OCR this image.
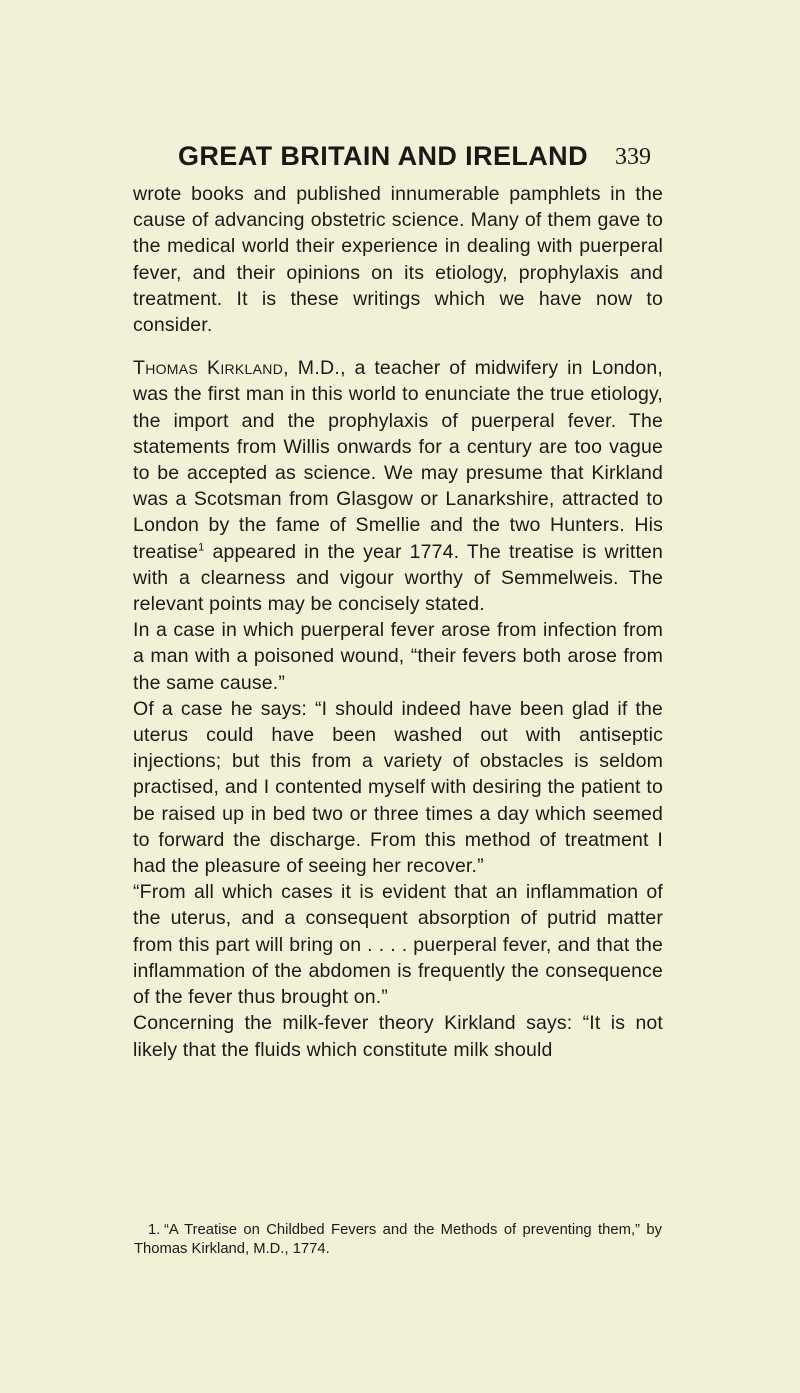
GREAT BRITAIN AND IRELAND 339

wrote books and published innumerable pamphlets in the cause of advancing obstetric science. Many of them gave to the medical world their experience in dealing with puerperal fever, and their opinions on its etiology, prophylaxis and treatment. It is these writings which we have now to consider.

Thomas Kirkland, M.D., a teacher of midwifery in London, was the first man in this world to enunciate the true etiology, the import and the prophylaxis of puerperal fever. The statements from Willis onwards for a century are too vague to be accepted as science. We may presume that Kirkland was a Scotsman from Glasgow or Lanarkshire, attracted to London by the fame of Smellie and the two Hunters. His treatise$^1$ appeared in the year 1774. The treatise is written with a clearness and vigour worthy of Semmelweis. The relevant points may be concisely stated.

In a case in which puerperal fever arose from infection from a man with a poisoned wound, “their fevers both arose from the same cause.”

Of a case he says: “I should indeed have been glad if the uterus could have been washed out with antiseptic injections; but this from a variety of obstacles is seldom practised, and I contented myself with desiring the patient to be raised up in bed two or three times a day which seemed to forward the discharge. From this method of treatment I had the pleasure of seeing her recover.”

“From all which cases it is evident that an inflammation of the uterus, and a consequent absorption of putrid matter from this part will bring on . . . . puerperal fever, and that the inflammation of the abdomen is frequently the consequence of the fever thus brought on.”

Concerning the milk-fever theory Kirkland says: “It is not likely that the fluids which constitute milk should

1. “A Treatise on Childbed Fevers and the Methods of preventing them,” by Thomas Kirkland, M.D., 1774.
